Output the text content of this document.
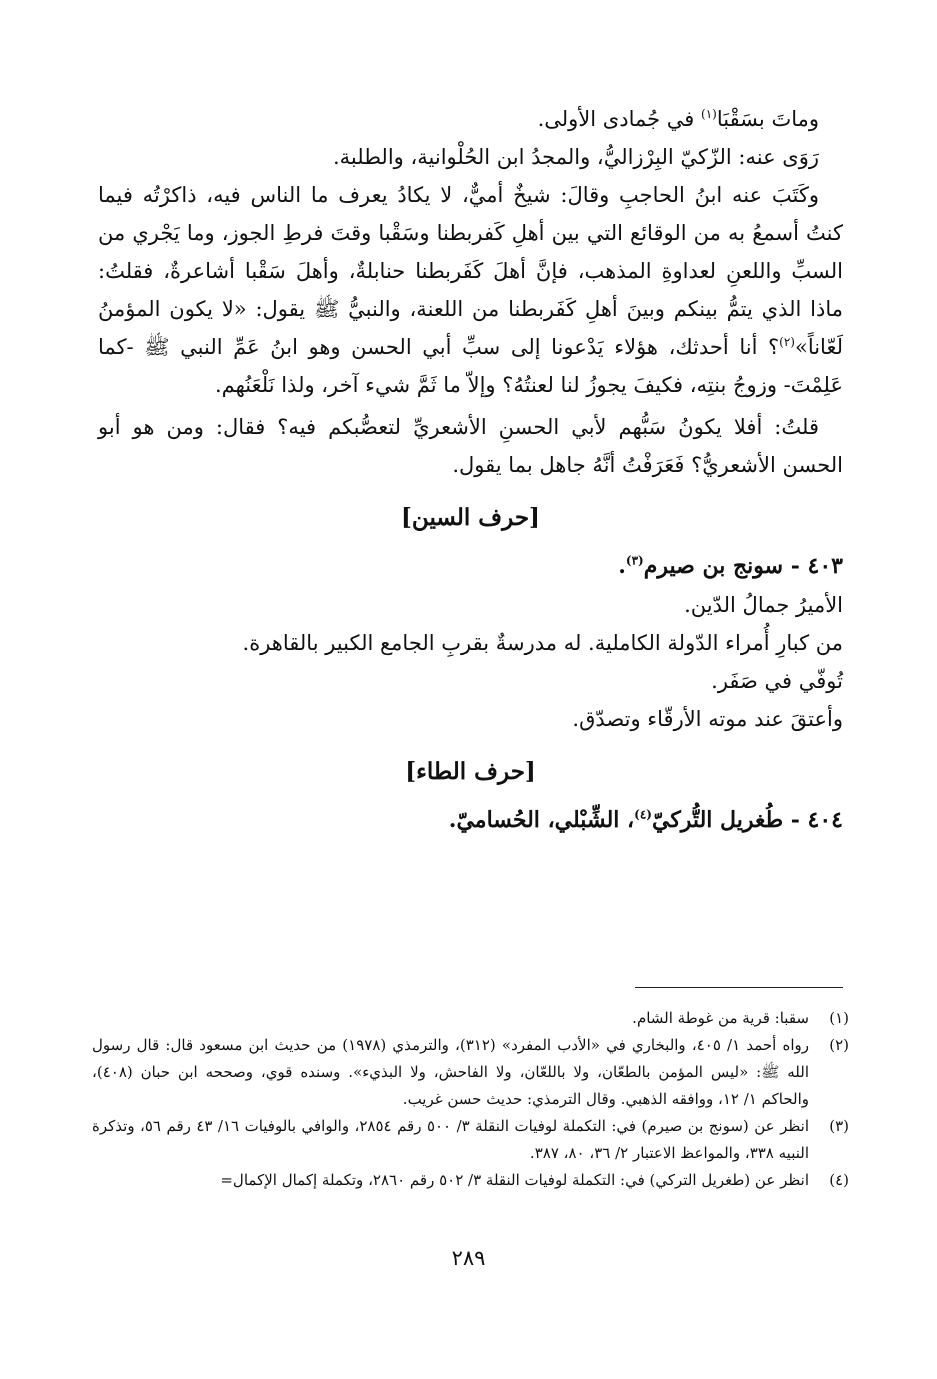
وماتَ بسَقْبَا$^{(١)}$ في جُمادى الأولى.

رَوَى عنه: الزّكيّ البِرْزاليُّ، والمجدُ ابن الحُلْوانية، والطلبة.

وكَتَبَ عنه ابنُ الحاجبِ وقالَ: شيخٌ أميٌّ، لا يكادُ يعرف ما الناس فيه، ذاكرْتُه فيما كنتُ أسمعُ به من الوقائع التي بين أهلِ كَفربطنا وسَقْبا وقتَ فرطِ الجوز، وما يَجْري من السبِّ واللعنِ لعداوةِ المذهب، فإنَّ أهلَ كَفَربطنا حنابلةٌ، وأهلَ سَقْبا أشاعرةٌ، فقلتُ: ماذا الذي يتمُّ بينكم وبينَ أهلِ كَفَربطنا من اللعنة، والنبيُّ ﷺ يقول: «لا يكون المؤمنُ لَعّاناً»$^{(٢)}$؟ أنا أحدثك، هؤلاء يَدْعونا إلى سبِّ أبي الحسن وهو ابنُ عَمِّ النبي ﷺ -كما عَلِمْتَ- وزوجُ بنتِه، فكيفَ يجوزُ لنا لعنتُهُ؟ وإلاّ ما ثَمَّ شيء آخر، ولذا نَلْعَنُهم.

قلتُ: أفلا يكونُ سَبُّهم لأبي الحسنِ الأشعريِّ لتعصُّبكم فيه؟ فقال: ومن هو أبو الحسن الأشعريُّ؟ فَعَرَفْتُ أنَّهُ جاهل بما يقول.

[حرف السين]

٤٠٣ - سونج بن صيرم$^{(٣)}$.

الأميرُ جمالُ الدّين.

من كبارِ أُمراء الدّولة الكاملية. له مدرسةٌ بقربِ الجامع الكبير بالقاهرة.

تُوفّي في صَفَر.

وأعتقَ عند موته الأرقّاء وتصدّق.

[حرف الطاء]

٤٠٤ - طُغريل التُّركيّ$^{(٤)}$، الشِّبْلي، الحُساميّ.

(١)
سقبا: قرية من غوطة الشام.
(٢)
رواه أحمد ١/ ٤٠٥، والبخاري في «الأدب المفرد» (٣١٢)، والترمذي (١٩٧٨) من حديث ابن مسعود قال: قال رسول الله ﷺ: «ليس المؤمن بالطعّان، ولا باللعّان، ولا الفاحش، ولا البذيء». وسنده قوي، وصححه ابن حبان (٤٠٨)، والحاكم ١/ ١٢، ووافقه الذهبي. وقال الترمذي: حديث حسن غريب.
(٣)
انظر عن (سونج بن صيرم) في: التكملة لوفيات النقلة ٣/ ٥٠٠ رقم ٢٨٥٤، والوافي بالوفيات ١٦/ ٤٣ رقم ٥٦، وتذكرة النبيه ٣٣٨، والمواعظ الاعتبار ٢/ ٣٦، ٨٠، ٣٨٧.
(٤)
انظر عن (طغريل التركي) في: التكملة لوفيات النقلة ٣/ ٥٠٢ رقم ٢٨٦٠، وتكملة إكمال الإكمال=
٢٨٩
